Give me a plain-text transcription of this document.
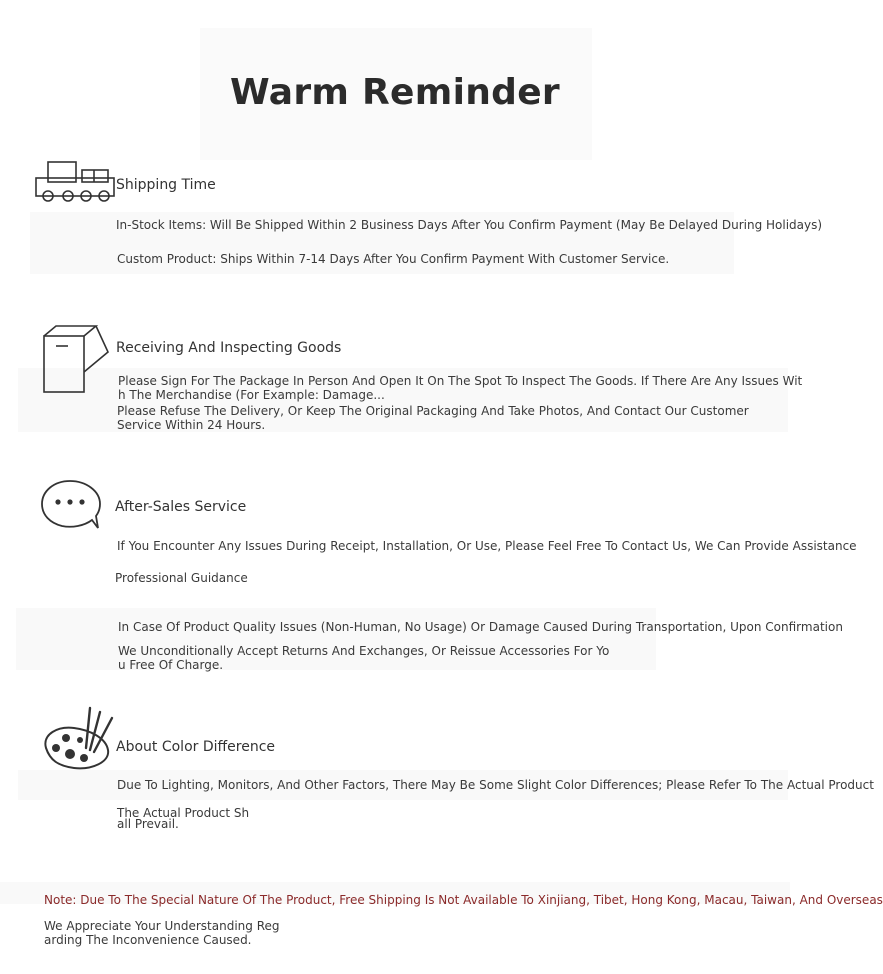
Warm Reminder
Shipping Time
In-Stock Items: Will Be Shipped Within 2 Business Days After You Confirm Payment (May Be Delayed During Holidays)
Custom Product: Ships Within 7-14 Days After You Confirm Payment With Customer Service.
Receiving And Inspecting Goods
Please Sign For The Package In Person And Open It On The Spot To Inspect The Goods. If There Are Any Issues Wit
h The Merchandise (For Example: Damage...
Please Refuse The Delivery, Or Keep The Original Packaging And Take Photos, And Contact Our Customer
Service Within 24 Hours.
After-Sales Service
If You Encounter Any Issues During Receipt, Installation, Or Use, Please Feel Free To Contact Us, We Can Provide Assistance
Professional Guidance
In Case Of Product Quality Issues (Non-Human, No Usage) Or Damage Caused During Transportation, Upon Confirmation
We Unconditionally Accept Returns And Exchanges, Or Reissue Accessories For Yo
u Free Of Charge.
About Color Difference
Due To Lighting, Monitors, And Other Factors, There May Be Some Slight Color Differences; Please Refer To The Actual Product
The Actual Product Sh
all Prevail.
Note: Due To The Special Nature Of The Product, Free Shipping Is Not Available To Xinjiang, Tibet, Hong Kong, Macau, Taiwan, And Overseas
We Appreciate Your Understanding Reg
arding The Inconvenience Caused.
